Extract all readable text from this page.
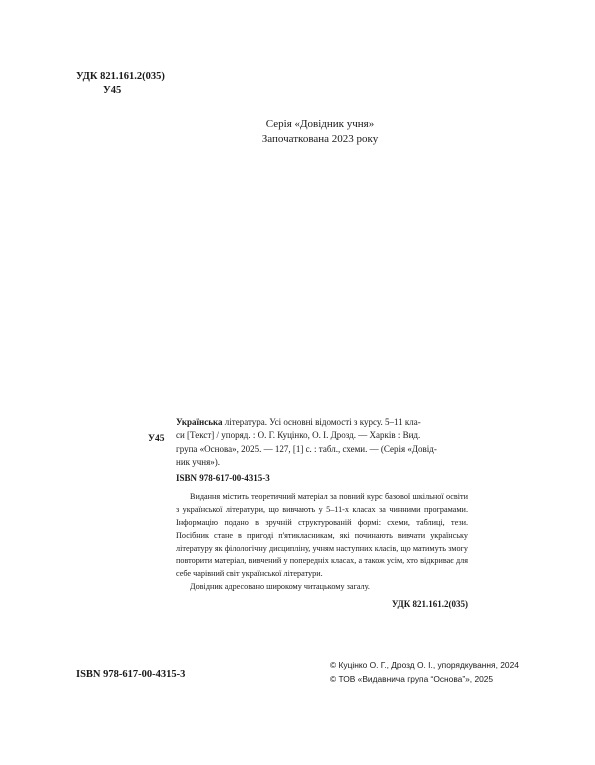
УДК 821.161.2(035)
У45
Серія «Довідник учня»
Започаткована 2023 року
У45

Українська література. Усі основні відомості з курсу. 5–11 кла-
си [Текст] / упоряд. : О. Г. Куцінко, О. І. Дрозд. — Харків : Вид.
група «Основа», 2025. — 127, [1] с. : табл., схеми. — (Серія «Довід-
ник учня»).

ISBN 978-617-00-4315-3

Видання містить теоретичний матеріал за повний курс базової шкільної освіти з української літератури, що вивчають у 5–11-х класах за чинними програмами. Інформацію подано в зручній структурованій формі: схеми, таблиці, тези. Посібник стане в пригоді п'ятикласникам, які починають вивчати українську літературу як філологічну дисципліну, учням наступних класів, що матимуть змогу повторити матеріал, вивчений у попередніх класах, а також усім, хто відкриває для себе чарівний світ української літератури.

Довідник адресовано широкому читацькому загалу.

УДК 821.161.2(035)

ISBN 978-617-00-4315-3
© Куцінко О. Г., Дрозд О. І., упорядкування, 2024
© ТОВ «Видавнича група “Основа”», 2025
